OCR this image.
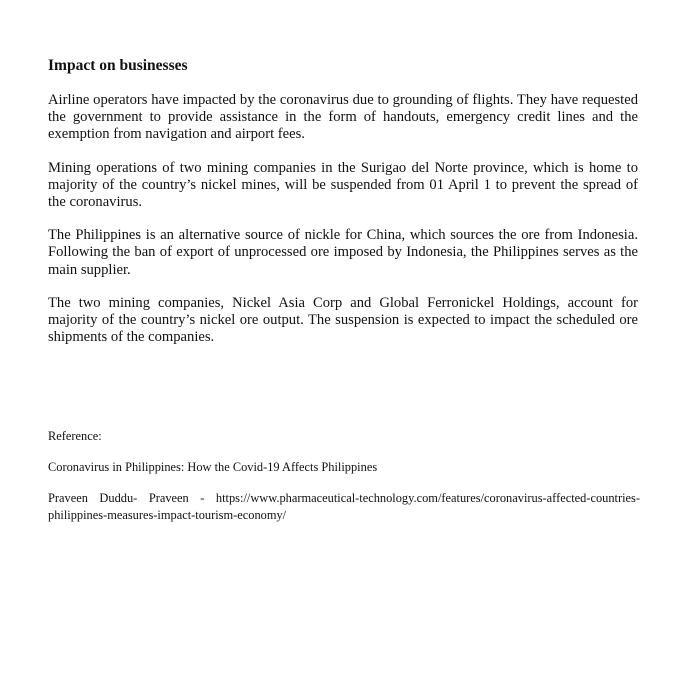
Impact on businesses

Airline operators have impacted by the coronavirus due to grounding of flights. They have requested the government to provide assistance in the form of handouts, emergency credit lines and the exemption from navigation and airport fees.

Mining operations of two mining companies in the Surigao del Norte province, which is home to majority of the country’s nickel mines, will be suspended from 01 April 1 to prevent the spread of the coronavirus.

The Philippines is an alternative source of nickle for China, which sources the ore from Indonesia. Following the ban of export of unprocessed ore imposed by Indonesia, the Philippines serves as the main supplier.

The two mining companies, Nickel Asia Corp and Global Ferronickel Holdings, account for majority of the country’s nickel ore output. The suspension is expected to impact the scheduled ore shipments of the companies.

Reference:

Coronavirus in Philippines: How the Covid-19 Affects Philippines

Praveen Duddu- Praveen - https://www.pharmaceutical-technology.com/features/coronavirus-affected-countries-philippines-measures-impact-tourism-economy/
